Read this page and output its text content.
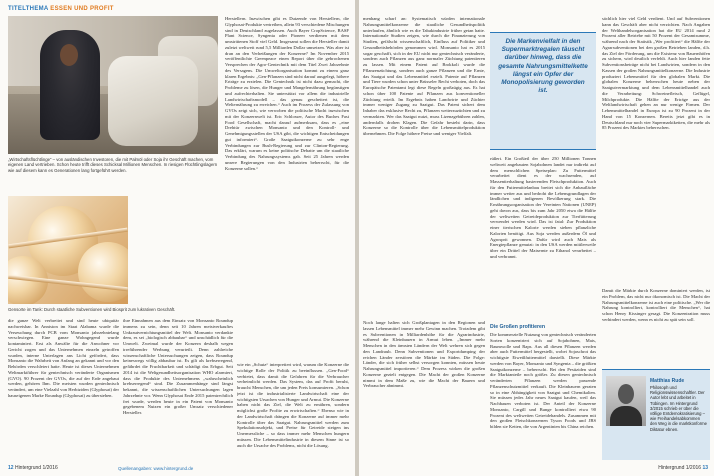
TITELTHEMA ESSEN UND PROFIT
„Wirtschaftsflüchtlinge“ – von ausländischen Investoren, die mit Palmöl oder Soja ihr Geschäft machen, vom eigenen Land vertrieben. Schon heute trifft dieses Schicksal Millionen Menschen. In riesigen Flüchtlingslagern wie auf diesem kann es Generationen lang fortgeführt werden.
Gensorte im Tank: Durch staatliche Subventionen wird Biosprit zum lukrativen Geschäft.
Herstellern. Inzwischen gibt es Dutzende von Herstellern, die Glyphosat-Produkte vertreiben, allein 93 verschiedene Mischungen sind in Deutschland zugelassen. Auch Bayer CropScience, BASF Plant Science, Syngenta oder Pioneer verdienen mit dem umstrittenen Stoff viel Geld. Insgesamt sollen die Hersteller damit zuletzt weltweit rund 5,5 Milliarden Dollar umsetzen. Was aber ist dran an den Verheißungen der Konzerne? Im November 2015 veröffentlichte Greenpeace einen Report über die gebrochenen Versprechen der Agro-Gentechnik mit dem Titel Zwei Jahrzehnte des Versagens. Die Umweltorganisation kommt zu einem ganz klaren Ergebnis: „Gen-Pflanzen sind nicht darauf ausgelegt, höhere Erträge zu erzielen. Die Gentechnik ist nicht dazu gemacht, die Probleme zu lösen, die Hunger und Mangelernährung begünstigen und aufrechterhalten. Sie unterstützt vor allem die industrielle Landwirtschaftsmodell – das genau gescheitert ist, die Welternährung zu erreichen.“ Auch im Prozess der Zulassung von GVOs zeigt sich, wie verwoben die politische Macht inzwischen mit der Konzernwelt ist. Eric Schlosser, Autor des Buches Fast Food Gesellschaft, macht darauf aufmerksam, dass es „eine Drehtür zwischen Monsanto und den Kontroll- und Genehmigungsstellen der USA gibt, die wichtigen Entscheidungen gut informiert“. Große Saatgutkonzerne zu sehr enge Verbindungen zur Bush-Regierung und zur Clinton-Regierung. Das erklärt, warum es keine politische Debatte um die staatliche Verbindung des Nahrungssystems gab. Seit 25 Jahren werden unsere Regierungen von den Industrien beherrscht, für die Konzerne sollen.“
die ganze Welt verbreitet und sind heute ubiquitär nachweisbar. In Anniston im Staat Alabama wurde die Verseuchung durch PCB vom Monsanto jahrzehntelang verschwiegen. Eine ganze Wohngegend wurde kontaminiert. Erst als Anwälte für die Anwohner vor Gericht zogen und das Unternehmen einzeln getroffen wurden, interne Unterlagen ans Licht gefördert, dass Monsanto die Wahrheit von Anfang an gekannt und vor den Behörden verschleiert hatte. Heute ist dieses Unternehmen Weltmarktführer für gentechnisch veränderte Organismen (GVO). 90 Prozent der GVOs, die auf der Erde angebaut werden, gehören Ihm. Die meisten wurden gentechnisch verändert, um eine Vielzahl von Herbiziden (Glyphosat) der hauseigenen Marke Roundup (Glyphosat) zu überstehen.
ihre Einnahmen aus dem Einsatz von Monsanto Roundup immens zu sein, denn seit 10 Jahren meistverkauftes Unkrautvernichtungsmittel der Welt. Monsanto verdankte dem, es sei „biologisch abbaubar“ und unschädlich für die Umwelt. Zweimal wurde der Konzern deshalb wegen irreführender Werbung verurteilt. Denn zahlreiche wissenschaftliche Untersuchungen zeigen, dass Roundup keineswegs völlig abbaubar ist. Es gilt als krebserregend, gefährdet die Fruchtbarkeit und schädigt das Erbgut. Seit 2014 ist die Weltgesundheitsorganisation WHO alarmiert, dass die Produkte des Unternehmens „wahrscheinlich krebserregend“ sind. Die Zusammenhänge sind längst bekannt, die wissenschaftlichen Untersuchungen lagen Jahrzehnte vor. Wenn Glyphosat Ende 2015 patentrechtlich frei wurde, werden heute in ein Patent von Monsanto gegebenem Nutzen ein großer Umsatz verschiedener Hersteller.
wie ein „Schutz“ interpretiert wird, warum die Konzerne die wichtige Rolle der Politik zu beeinflussen. „Gen-Food“ verbietet, dass damit die Gefahren für die Verbraucher verheimlicht werden. Das System, das auf Profit beruht, braucht Menschen, die um jeden Preis konsumieren. „Schon jetzt ist die industrialisierte Landwirtschaft eine der wichtigsten Ursachen von Hunger und Armut. Die Konzerne haben nicht das Ziel, die Welt zu ernähren, sondern möglichst große Profite zu erwirtschaften.“ Ebenso wie in der Landwirtschaft drängen die Konzerne auf immer mehr Kontrolle über das Saatgut. Nahrungsmittel werden zum Spekulationsobjekt, und Preise für Getreide steigen ins Unermessliche – so dass immer mehr Menschen hungern müssen. Die Lebensmittelindustrie in diesem Sinne ist so auch die Ursache des Problems, nicht die Lösung.
12 Hintergrund 1/2016	Quellenangaben: www.hintergrund.de
menhang scharf an: Systematisch würden internationale Nahrungsmittelkonzerne die staatliche Gesundheitspolitik unterlaufen, ähnlich wie es die Tabakindustrie früher getan hatte. Internationale Studien zeigen, wie durch die Finanzierung von Studien, gefälscht wissenschaftlich, Einfluss auf Politiker und Gesundheitsbehörden genommen wird. Monsanto hat es 2015 sogar geschafft, sich in der EU nicht nur gentechnisch veränderte, sondern auch Pflanzen aus ganz normaler Züchtung patentieren zu lassen. Mit einem Patent auf Brokkoli wurde die Pflanzenzüchtung, sondern auch ganze Pflanzen und die Ernte, das Saatgut und das Lebensmittel erzielt. Patente auf Pflanzen und Tiere wurden schon unter Brüsseler Recht verboten, doch das Europäische Patentamt legt diese Regeln großzügig aus. Es hat schon über 100 Patente auf Pflanzen aus konventioneller Züchtung erteilt. Im Ergebnis haben Landwirte und Züchter immer weniger Zugang zu Saatgut. Das Patent sichert dem Inhaber das exklusive Recht zu, Pflanzen weiterzuzüchten und zu vermarkten. Wer das Saatgut nutzt, muss Lizenzgebühren zahlen, andernfalls drohen Klagen. Die Gefahr besteht darin, dass Konzerne so die Kontrolle über die Lebensmittelproduktion übernehmen. Die Folge höhere Preise und weniger Vielfalt.
Die Markenvielfalt in den Supermarktregalen täuscht darüber hinweg, dass die gesamte Nahrungsmittelkette längst ein Opfer der Monopolisierung geworden ist.
rüßert. Ein Großteil der über 250 Millionen Tonnen weltweit angebauten Sojabohnen landet nur indirekt auf dem menschlichen Speiseplan: Zu Futtermittel verarbeitet dient es der wachsenden, auf Massentierhaltung basierenden Fleischproduktion. Auch für den Futtermittelanbau breitet sich die Anbaufläche immer weiter aus und bedroht die Lebensgrundlagen der ländlichen und indigenen Bevölkerung stark. Die Ernährungsorganisation der Vereinten Nationen (UNEP) geht davon aus, dass bis zum Jahr 2050 etwa die Hälfte der weltweiten Getreideproduktion zur Tierfütterung verwendet werden wird. Das ist fatal: Zur Produktion einer tierischen Kalorie werden sieben pflanzliche Kalorien benötigt. Aus Soja werden außerdem Öl und Agrosprit gewonnen. Dafür wird auch Mais als Energiepflanze genutzt: in den USA werden mittlerweile über ein Drittel der Maisernte zu Ethanol verarbeitet – und verbrannt.
Die Großen profitieren
Die kommerzielle Nutzung von gentechnisch veränderten Sorten konzentriert sich auf Sojabohnen, Mais, Baumwolle und Raps. Aus all diesen Pflanzen werden aber auch Futtermittel hergestellt, wobei Sojaschrot das wichtigste Eiweißfuttermittel darstellt. Diese Märkte werden von Bayer, Monsanto und Syngenta – die größten Saatgutkonzerne – beherrscht. Bei den Pestiziden sind die Marktanteile noch größer. Zu diesen gentechnisch veränderten Pflanzen werden passende Pflanzenschutzmittel verkauft. Die Kleinbauern geraten so in eine Abhängigkeit von Saatgut und Chemikalien. Sie müssen jedes Jahr neues Saatgut kaufen, weil das Nachbauen verboten ist. Der Anteil der Konzerne Monsanto, Cargill und Bunge kontrolliert etwa 90 Prozent des weltweiten Getreidehandels. Zusammen mit den großen Fleischkonzernen Tyson Foods und JBS bilden sie Ketten, die von Argentinien bis China reichen.
Noch lange halten sich Großplantagen in den Regionen und lassen Lebensmittel immer mehr Gewinn machen. Trotzdem gibt es Subventionen in Milliardenhöhe für die Agrarindustrie, während die Kleinbauern in Armut leben. „Immer mehr Menschen in den ärmsten Ländern der Welt wehren sich gegen den Landraub. Denn Subventionen und Exportdumping der reichen Länder zerstören die Märkte im Süden. Die Folge: Länder, die sich früher selbst versorgen konnten, müssen heute Nahrungsmittel importieren.“ Dem Prozess wirken die großen Konzerne gezielt entgegen. Die Macht der großen Konzerne nimmt in dem Maße zu, wie die Macht der Bauern und Verbraucher abnimmt.
sächlich hier viel Geld verdient. Und auf Subventionen kann das Geschäft aber nicht verzichten. Nach Angaben der Welthandelsorganisation hat die EU 2014 rund 2 Prozent aller Betriebe mit 50 Prozent der Gesamtsumme, während nach der Statistik „Wer profitiert“ die Hälfte der Agrarsubventionen bei den großen Betrieben landen, d.h. das Ziel der Förderung, um die Existenz von Bauernhöfen zu sichern, wird deutlich verfehlt. Auch hier landen fette Subventionsbeträge nicht bei Landwirten, sondern in den Kassen der großen Nahrungsmittelkonzerne. Die Industrie produziert Lebensmittel für den globalen Markt. Die globalen Konzerne beherrschen heute neben der Saatgutvermarktung und dem Lebensmittelhandel auch die Verarbeitung: Schweinefleisch, Geflügel, Milchprodukte. Die Hälfte der Erträge aus der Weltlandwirtschaft gehen an nur wenige Firmen. Der Lebensmittelhandel in Europa ist zu 90 Prozent in der Hand von 15 Konzernen. Bereits jetzt gibt es in Deutschland nur noch vier Supermarktketten, die mehr als 85 Prozent des Marktes beherrschen.
Damit die Märkte durch Konzerne dominiert werden, ist ein Problem, das nicht nur ökonomisch ist. Die Macht der Nahrungsmittelkonzerne ist auch eine politische. „Wer die Nahrung kontrolliert, kontrolliert die Menschen“, hat schon Henry Kissinger gesagt. Die Konzentration muss verhindert werden, wenn es nicht zu spät sein soll.
Matthias Rude
Philosoph und Religionswissenschaftler. Der Autor lebt und arbeitet in Tübingen. Im Hintergrund 3/2015 schrieb er über die völlige Entdemokratisierung – wie Freihandelsabkommen den Weg in die marktkonforme Diktatur ebnen.
Hintergrund 1/2016 13
